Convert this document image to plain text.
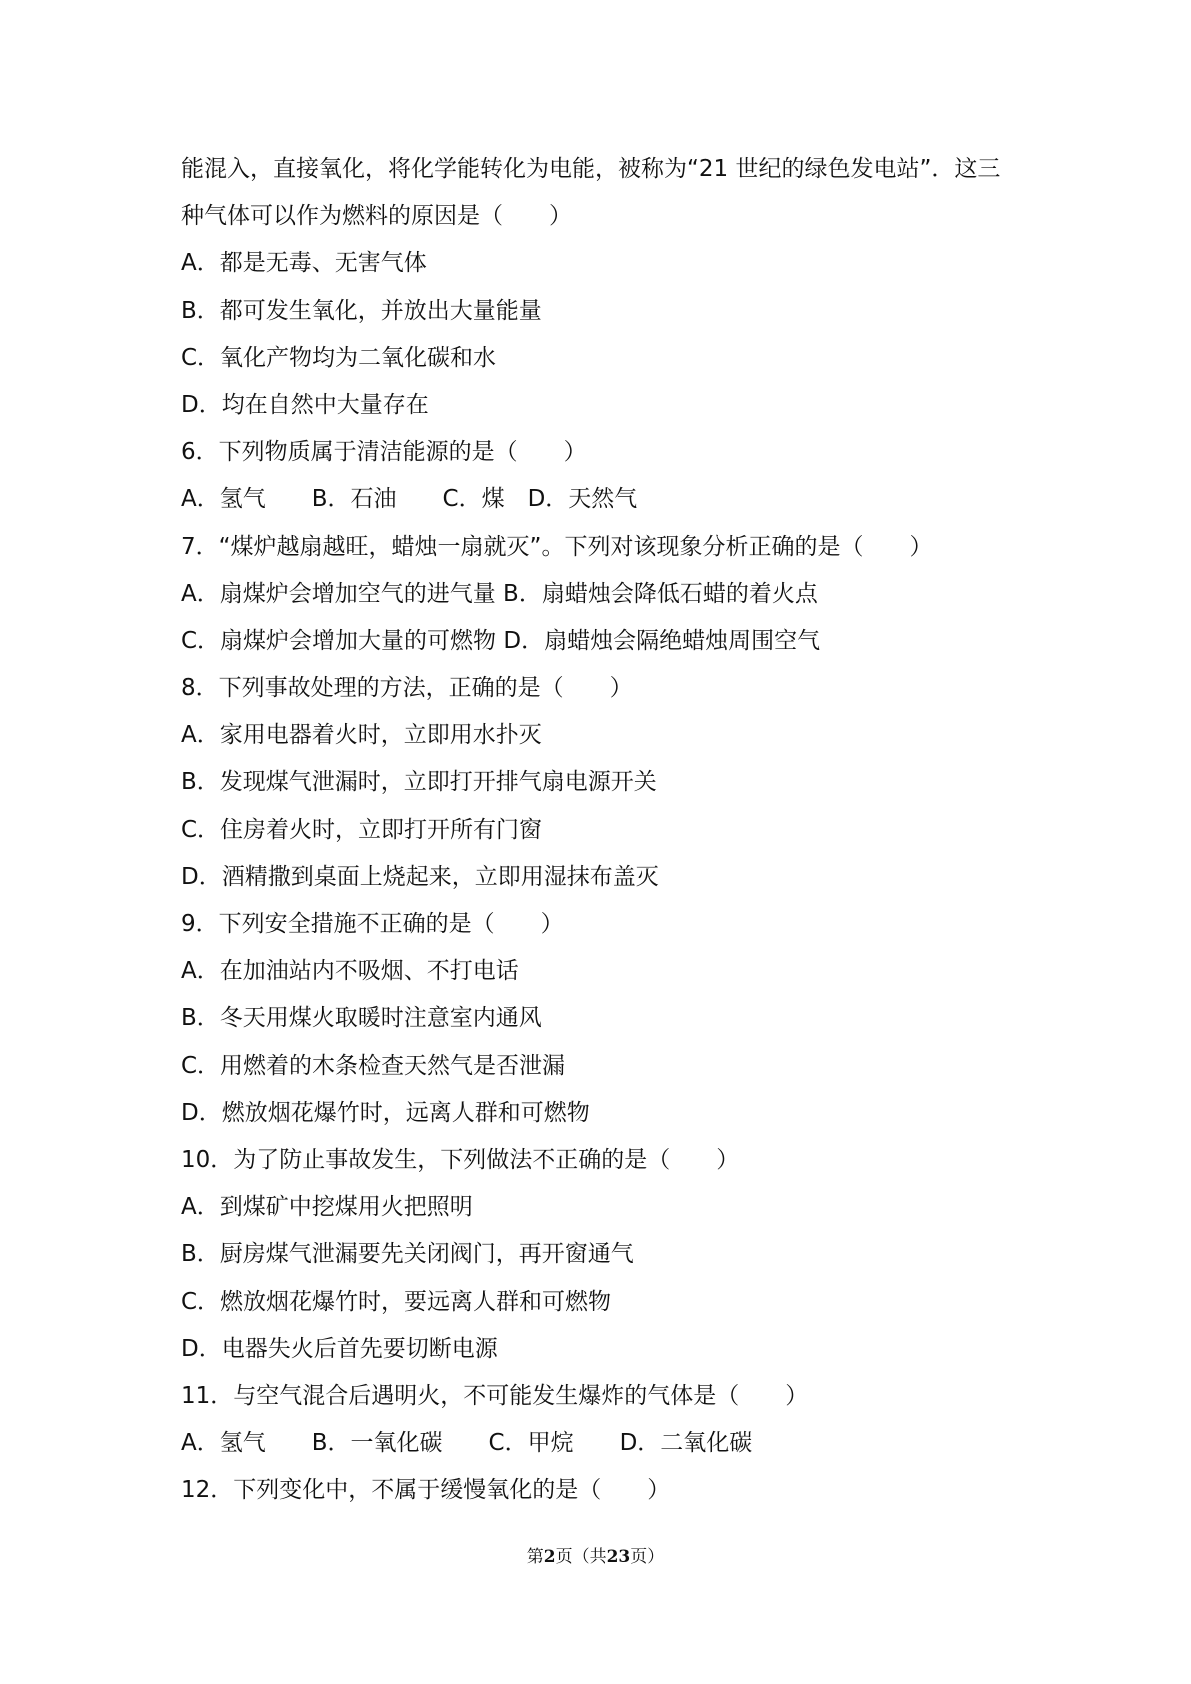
能混入，直接氧化，将化学能转化为电能，被称为“21 世纪的绿色发电站”．这三
种气体可以作为燃料的原因是（　　）
A．都是无毒、无害气体
B．都可发生氧化，并放出大量能量
C．氧化产物均为二氧化碳和水
D．均在自然中大量存在
6．下列物质属于清洁能源的是（　　）
A．氢气　　B．石油　　C．煤　D．天然气
7．“煤炉越扇越旺，蜡烛一扇就灭”。下列对该现象分析正确的是（　　）
A．扇煤炉会增加空气的进气量 B．扇蜡烛会降低石蜡的着火点
C．扇煤炉会增加大量的可燃物 D．扇蜡烛会隔绝蜡烛周围空气
8．下列事故处理的方法，正确的是（　　）
A．家用电器着火时，立即用水扑灭
B．发现煤气泄漏时，立即打开排气扇电源开关
C．住房着火时，立即打开所有门窗
D．酒精撒到桌面上烧起来，立即用湿抹布盖灭
9．下列安全措施不正确的是（　　）
A．在加油站内不吸烟、不打电话
B．冬天用煤火取暖时注意室内通风
C．用燃着的木条检查天然气是否泄漏
D．燃放烟花爆竹时，远离人群和可燃物
10．为了防止事故发生，下列做法不正确的是（　　）
A．到煤矿中挖煤用火把照明
B．厨房煤气泄漏要先关闭阀门，再开窗通气
C．燃放烟花爆竹时，要远离人群和可燃物
D．电器失火后首先要切断电源
11．与空气混合后遇明火，不可能发生爆炸的气体是（　　）
A．氢气　　B．一氧化碳　　C．甲烷　　D．二氧化碳
12．下列变化中，不属于缓慢氧化的是（　　）
第2页（共23页）
